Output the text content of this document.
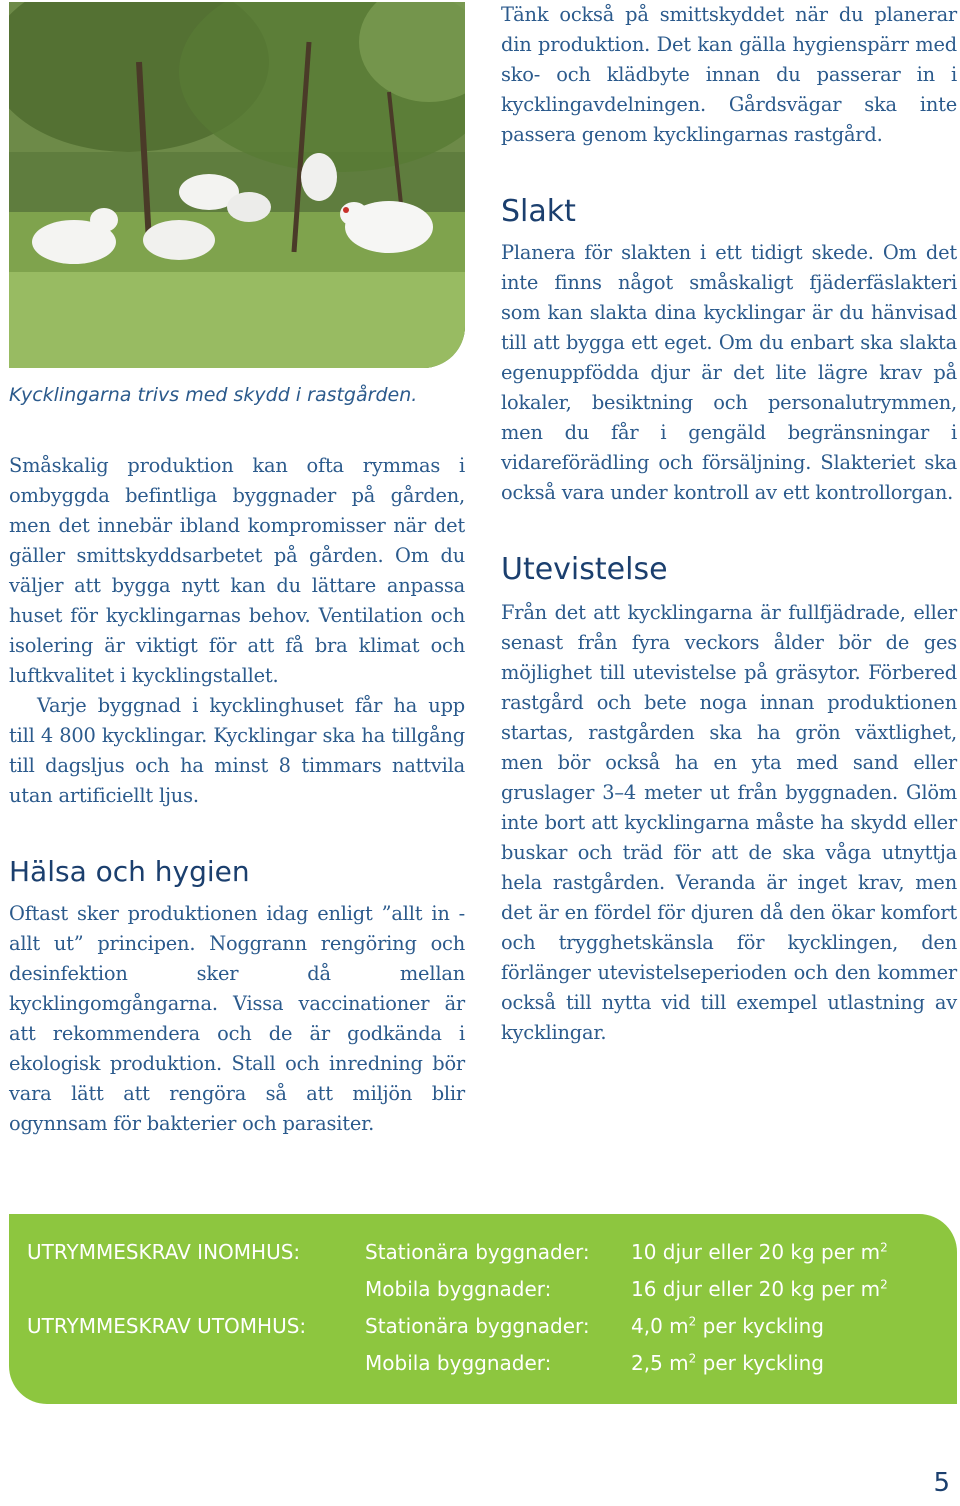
Kycklingarna trivs med skydd i rastgården.

Småskalig produktion kan ofta rymmas i ombyggda befintliga byggnader på gården, men det innebär ibland kompromisser när det gäller smittskyddsarbetet på gården. Om du väljer att bygga nytt kan du lättare anpassa huset för kycklingarnas behov. Ventilation och isolering är viktigt för att få bra klimat och luftkvalitet i kycklingstallet.

Varje byggnad i kycklinghuset får ha upp till 4 800 kycklingar. Kycklingar ska ha tillgång till dagsljus och ha minst 8 timmars nattvila utan artificiellt ljus.

Hälsa och hygien

Oftast sker produktionen idag enligt ”allt in - allt ut” principen. Noggrann rengöring och desinfektion sker då mellan kycklingomgångarna. Vissa vaccinationer är att rekommendera och de är godkända i ekologisk produktion. Stall och inredning bör vara lätt att rengöra så att miljön blir ogynnsam för bakterier och parasiter.

Tänk också på smittskyddet när du planerar din produktion. Det kan gälla hygienspärr med sko- och klädbyte innan du passerar in i kycklingavdelningen. Gårdsvägar ska inte passera genom kycklingarnas rastgård.

Slakt

Planera för slakten i ett tidigt skede. Om det inte finns något småskaligt fjäderfäslakteri som kan slakta dina kycklingar är du hänvisad till att bygga ett eget. Om du enbart ska slakta egenuppfödda djur är det lite lägre krav på lokaler, besiktning och personalutrymmen, men du får i gengäld begränsningar i vidareförädling och försäljning. Slakteriet ska också vara under kontroll av ett kontrollorgan.

Utevistelse

Från det att kycklingarna är fullfjädrade, eller senast från fyra veckors ålder bör de ges möjlighet till utevistelse på gräsytor. Förbered rastgård och bete noga innan produktionen startas, rastgården ska ha grön växtlighet, men bör också ha en yta med sand eller gruslager 3–4 meter ut från byggnaden. Glöm inte bort att kycklingarna måste ha skydd eller buskar och träd för att de ska våga utnyttja hela rastgården. Veranda är inget krav, men det är en fördel för djuren då den ökar komfort och trygghetskänsla för kycklingen, den förlänger utevistelseperioden och den kommer också till nytta vid till exempel utlastning av kycklingar.

UTRYMMESKRAV INOMHUS:
UTRYMMESKRAV UTOMHUS:
Stationära byggnader: 10 djur eller 20 kg per $m^2$
Mobila byggnader:	16 djur eller 20 kg per $m^2$
Stationära byggnader: 4,0 $m^2$ per kyckling
Mobila byggnader:	2,5 $m^2$ per kyckling
5
